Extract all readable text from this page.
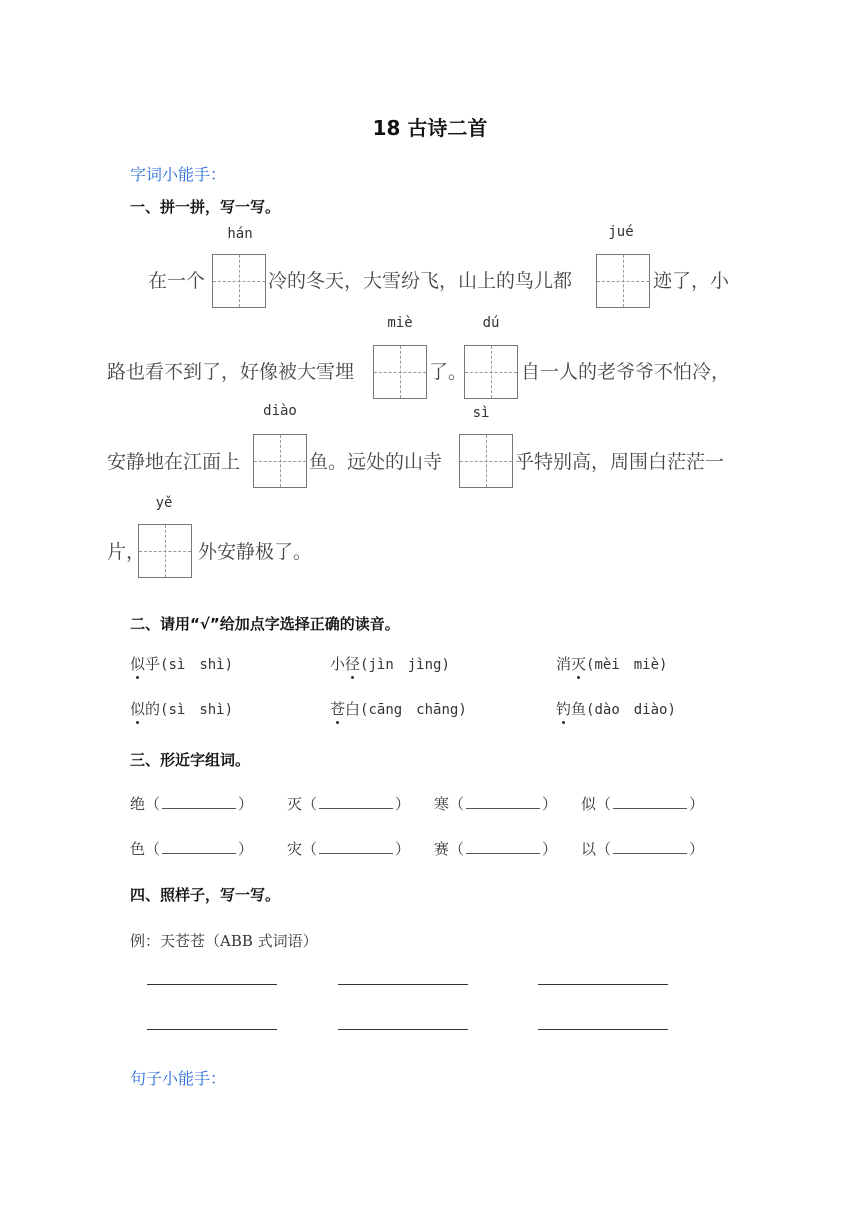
18 古诗二首
字词小能手：
一、拼一拼，写一写。
hán	jué
miè	dú
diào	sì
yě
在一个	冷的冬天，大雪纷飞，山上的鸟儿都	迹了，小
路也看不到了，好像被大雪埋	了。	自一人的老爷爷不怕冷，
安静地在江面上	鱼。远处的山寺	乎特别高，周围白茫茫一
片，	外安静极了。
二、请用“√”给加点字选择正确的读音。
似乎(sì　shì)	小径(jìn　jìng)	消灭(mèi　miè)
似的(sì　shì)	苍白(cāng　chāng)	钓鱼(dào　diào)
三、形近字组词。
绝（	） 灭（	） 寒（	） 似（	）
色（	） 灾（	） 赛（	） 以（	）
四、照样子，写一写。
例：天苍苍（ABB 式词语）
句子小能手：
